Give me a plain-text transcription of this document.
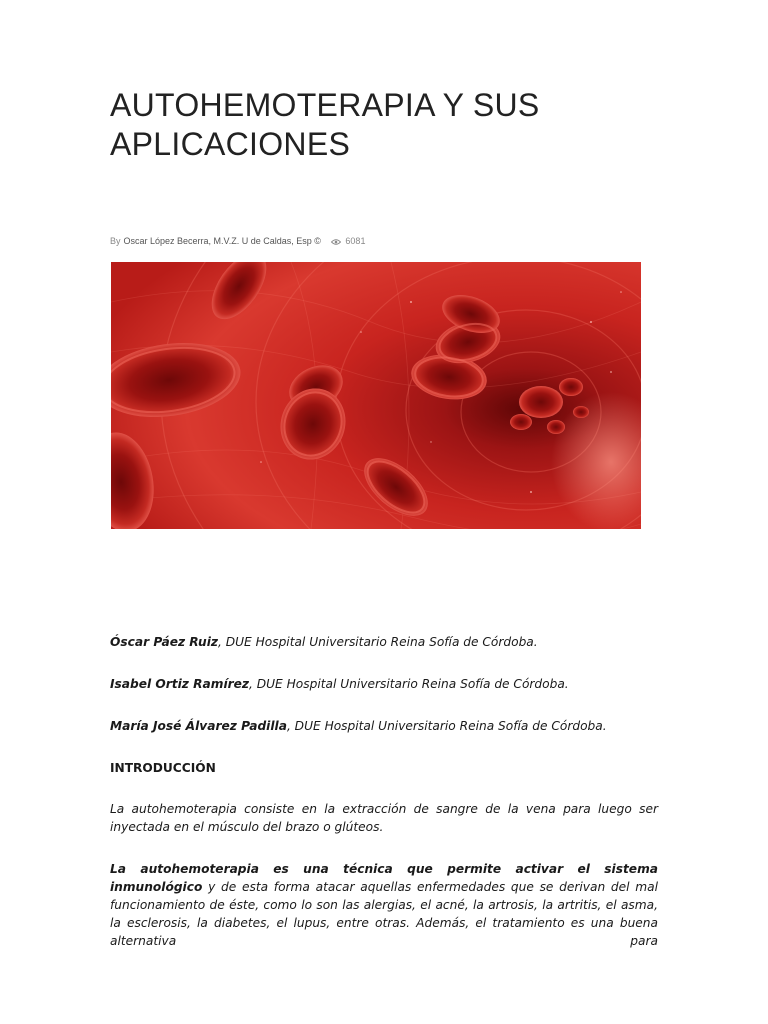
AUTOHEMOTERAPIA Y SUS APLICACIONES
By Oscar López Becerra, M.V.Z. U de Caldas, Esp ©	6081

Óscar Páez Ruiz, DUE Hospital Universitario Reina Sofía de Córdoba.

Isabel Ortiz Ramírez, DUE Hospital Universitario Reina Sofía de Córdoba.

María José Álvarez Padilla, DUE Hospital Universitario Reina Sofía de Córdoba.

INTRODUCCIÓN

La autohemoterapia consiste en la extracción de sangre de la vena para luego ser inyectada en el músculo del brazo o glúteos.

La autohemoterapia es una técnica que permite activar el sistema inmunológico y de esta forma atacar aquellas enfermedades que se derivan del mal funcionamiento de éste, como lo son las alergias, el acné, la artrosis, la artritis, el asma, la esclerosis, la diabetes, el lupus, entre otras. Además, el tratamiento es una buena alternativa para
